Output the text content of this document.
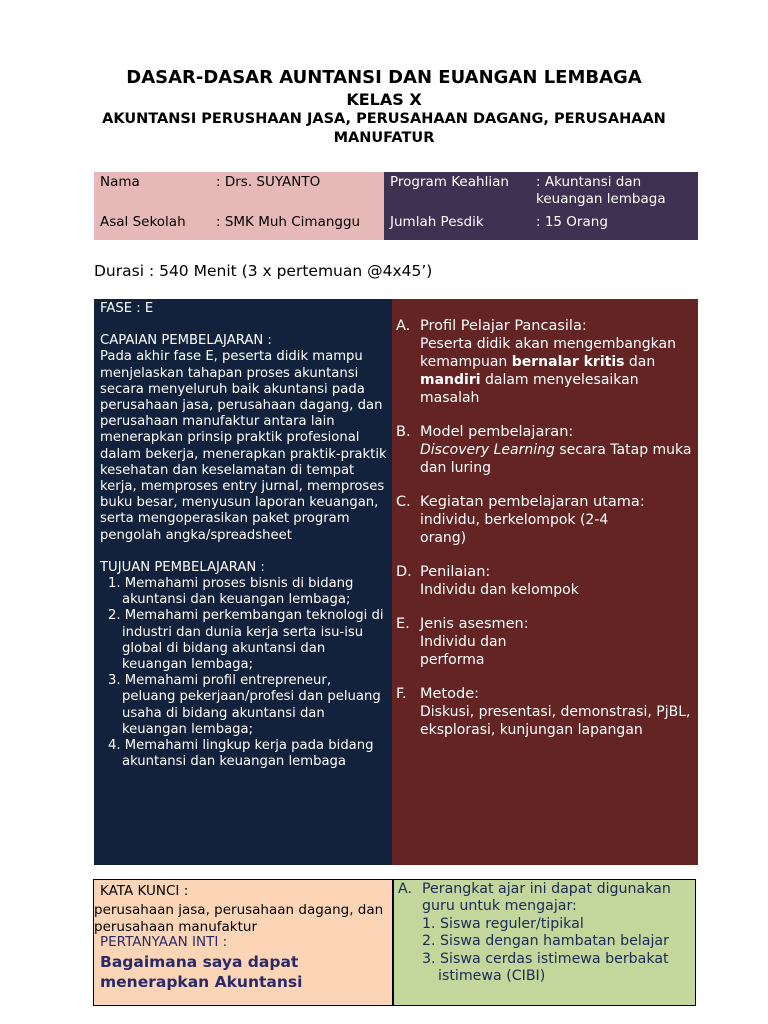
DASAR-DASAR AUNTANSI DAN EUANGAN LEMBAGA
KELAS X
AKUNTANSI PERUSHAAN JASA, PERUSAHAAN DAGANG, PERUSAHAAN
MANUFATUR
Nama	: Drs. SUYANTO
Asal Sekolah : SMK Muh Cimanggu
Program Keahlian : Akuntansi dan
keuangan lembaga
Jumlah Pesdik	: 15 Orang
Durasi : 540 Menit (3 x pertemuan @4x45’)
FASE : E
CAPAIAN PEMBELAJARAN :
Pada akhir fase E, peserta didik mampu menjelaskan tahapan proses akuntansi secara menyeluruh baik akuntansi pada perusahaan jasa, perusahaan dagang, dan perusahaan manufaktur antara lain menerapkan prinsip praktik profesional dalam bekerja, menerapkan praktik-praktik kesehatan dan keselamatan di tempat kerja, memproses entry jurnal, memproses buku besar, menyusun laporan keuangan, serta mengoperasikan paket program pengolah angka/spreadsheet
TUJUAN PEMBELAJARAN :
1. Memahami proses bisnis di bidang akuntansi dan keuangan lembaga;
2. Memahami perkembangan teknologi di industri dan dunia kerja serta isu-isu global di bidang akuntansi dan keuangan lembaga;
3. Memahami profil entrepreneur, peluang pekerjaan/profesi dan peluang usaha di bidang akuntansi dan keuangan lembaga;
4. Memahami lingkup kerja pada bidang akuntansi dan keuangan lembaga
A. Profil Pelajar Pancasila:
Peserta didik akan mengembangkan kemampuan bernalar kritis dan mandiri dalam menyelesaikan masalah
B. Model pembelajaran:
Discovery Learning secara Tatap muka dan luring
C. Kegiatan pembelajaran utama:
individu, berkelompok (2-4 orang)
D. Penilaian:
Individu dan kelompok
E. Jenis asesmen:
Individu dan performa
F. Metode:
Diskusi, presentasi, demonstrasi, PjBL, eksplorasi, kunjungan lapangan
KATA KUNCI :
perusahaan jasa, perusahaan dagang, dan perusahaan manufaktur
PERTANYAAN INTI :
Bagaimana saya dapat menerapkan Akuntansi
A. Perangkat ajar ini dapat digunakan guru untuk mengajar:
1. Siswa reguler/tipikal
2. Siswa dengan hambatan belajar
3. Siswa cerdas istimewa berbakat istimewa (CIBI)
